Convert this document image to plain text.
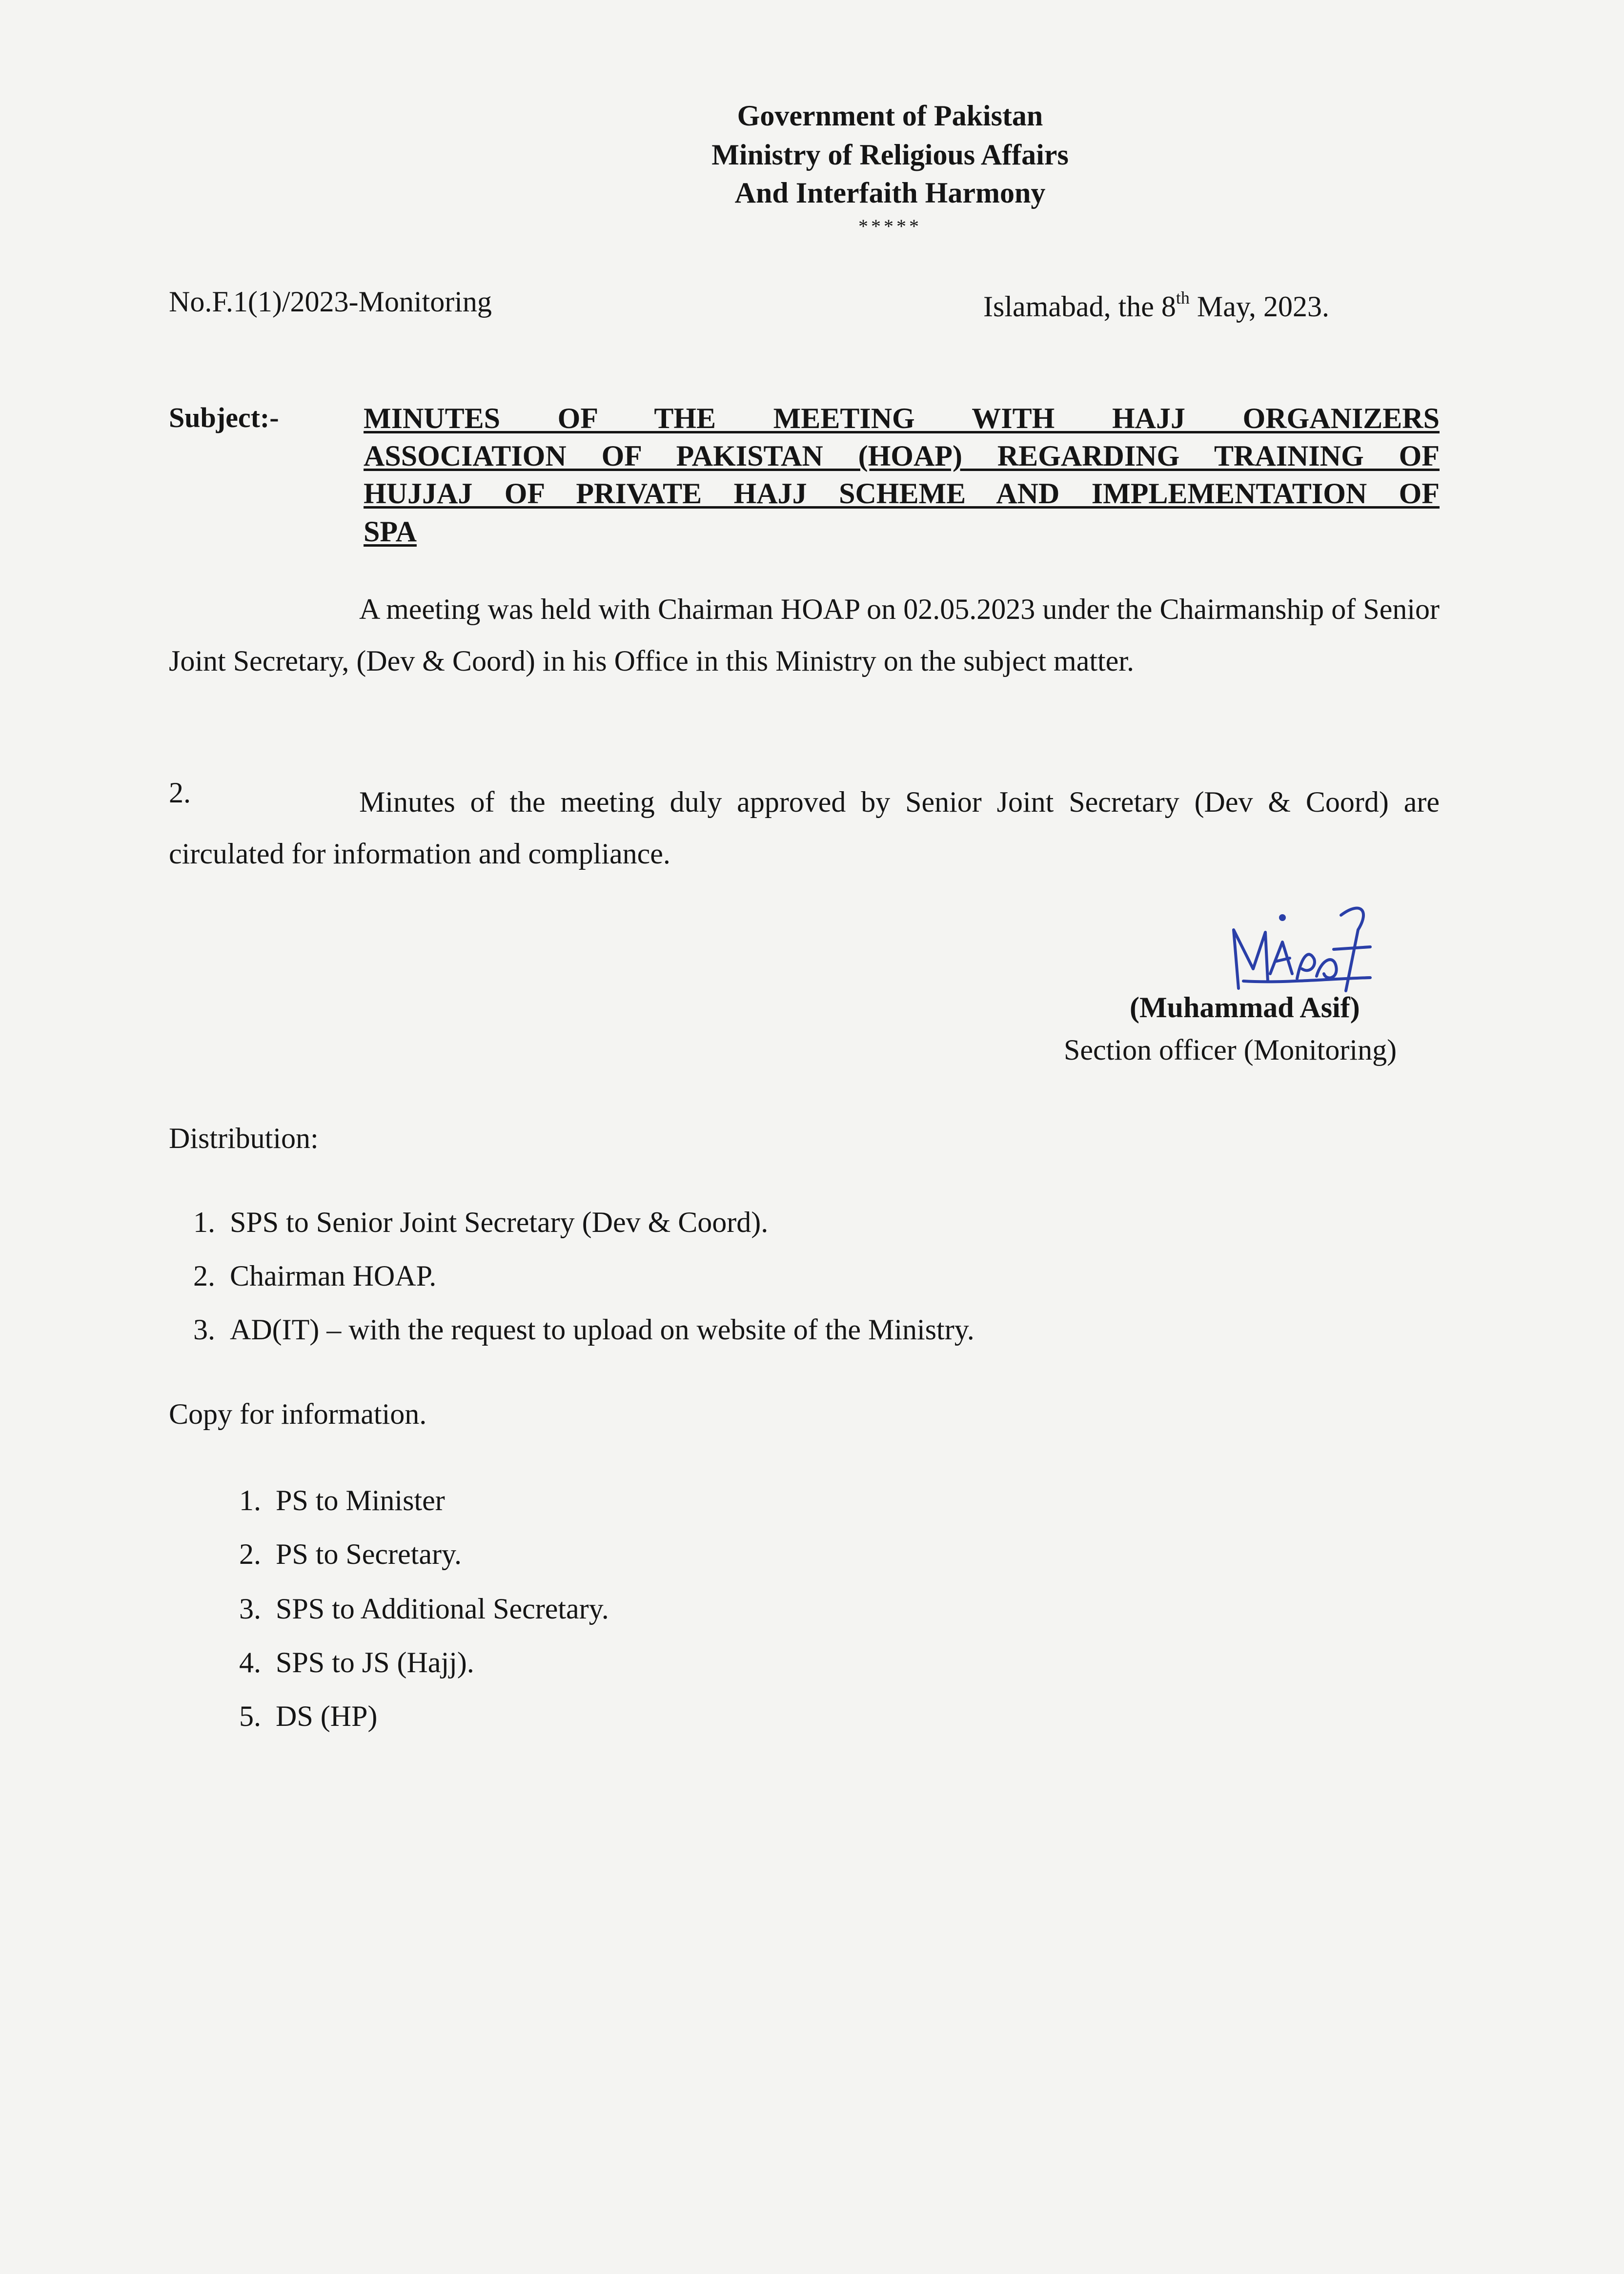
Government of Pakistan
Ministry of Religious Affairs
And Interfaith Harmony
*****
No.F.1(1)/2023-Monitoring	Islamabad, the 8th May, 2023.
Subject:-	MINUTES OF THE MEETING WITH HAJJ ORGANIZERS
ASSOCIATION OF PAKISTAN (HOAP) REGARDING TRAINING OF
HUJJAJ OF PRIVATE HAJJ SCHEME AND IMPLEMENTATION OF
SPA
A meeting was held with Chairman HOAP on 02.05.2023 under the Chairmanship of Senior Joint Secretary, (Dev & Coord) in his Office in this Ministry on the subject matter.
2.	Minutes of the meeting duly approved by Senior Joint Secretary (Dev & Coord) are circulated for information and compliance.
(Muhammad Asif)
Section officer (Monitoring)
Distribution:
1. SPS to Senior Joint Secretary (Dev & Coord).
2. Chairman HOAP.
3. AD(IT) – with the request to upload on website of the Ministry.
Copy for information.
1. PS to Minister
2. PS to Secretary.
3. SPS to Additional Secretary.
4. SPS to JS (Hajj).
5. DS (HP)
